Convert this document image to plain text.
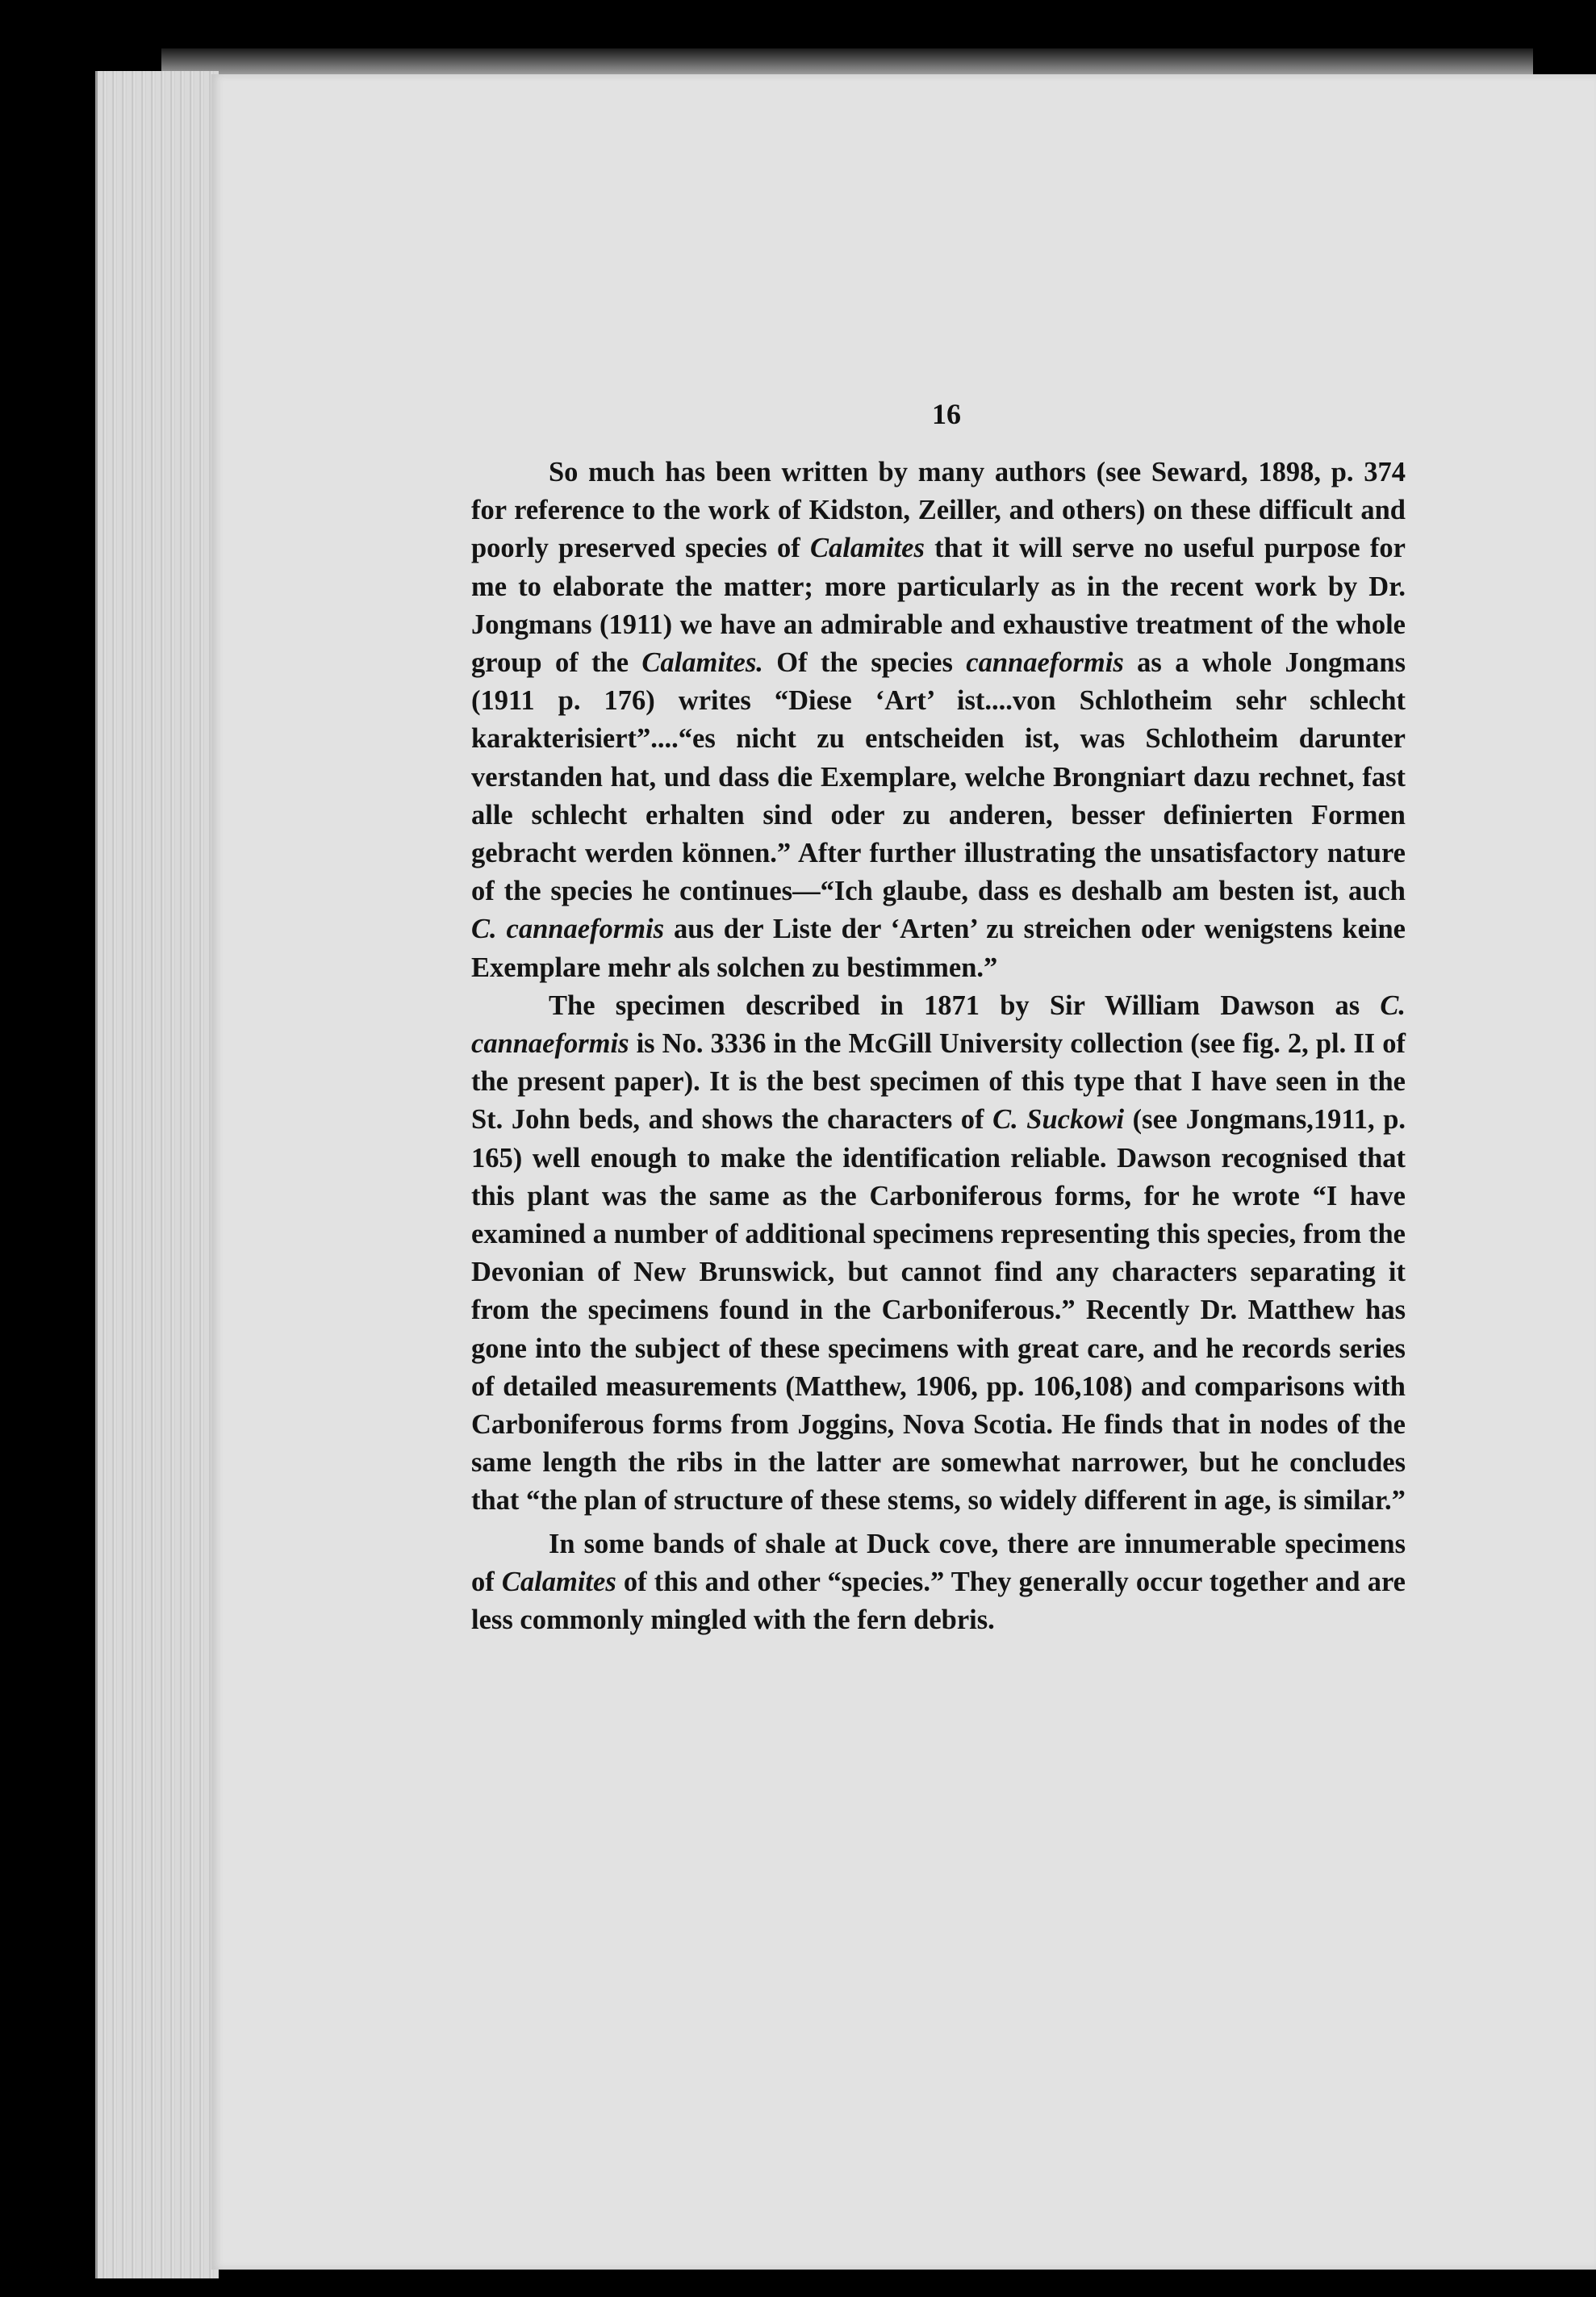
16

So much has been written by many authors (see Seward, 1898, p. 374 for reference to the work of Kidston, Zeiller, and others) on these difficult and poorly preserved species of Calamites that it will serve no useful purpose for me to elaborate the matter; more particularly as in the recent work by Dr. Jongmans (1911) we have an admirable and exhaustive treatment of the whole group of the Calamites. Of the species cannaeformis as a whole Jongmans (1911 p. 176) writes “Diese ‘Art’ ist....von Schlotheim sehr schlecht karakterisiert”....“es nicht zu entscheiden ist, was Schlotheim darunter verstanden hat, und dass die Exemplare, welche Brongniart dazu rechnet, fast alle schlecht erhalten sind oder zu anderen, besser definierten Formen gebracht werden können.” After further illustrating the unsatisfactory nature of the species he continues—“Ich glaube, dass es deshalb am besten ist, auch C. cannaeformis aus der Liste der ‘Arten’ zu streichen oder wenigstens keine Exemplare mehr als solchen zu bestimmen.”

The specimen described in 1871 by Sir William Dawson as C. cannaeformis is No. 3336 in the McGill University collection (see fig. 2, pl. II of the present paper). It is the best specimen of this type that I have seen in the St. John beds, and shows the characters of C. Suckowi (see Jongmans,1911, p. 165) well enough to make the identification reliable. Dawson recognised that this plant was the same as the Carboniferous forms, for he wrote “I have examined a number of additional specimens representing this species, from the Devonian of New Brunswick, but cannot find any characters separating it from the specimens found in the Carboniferous.” Recently Dr. Matthew has gone into the subject of these specimens with great care, and he records series of detailed measurements (Matthew, 1906, pp. 106,108) and comparisons with Carboniferous forms from Joggins, Nova Scotia. He finds that in nodes of the same length the ribs in the latter are somewhat narrower, but he concludes that “the plan of structure of these stems, so widely different in age, is similar.”

In some bands of shale at Duck cove, there are innumerable specimens of Calamites of this and other “species.” They generally occur together and are less commonly mingled with the fern debris.
